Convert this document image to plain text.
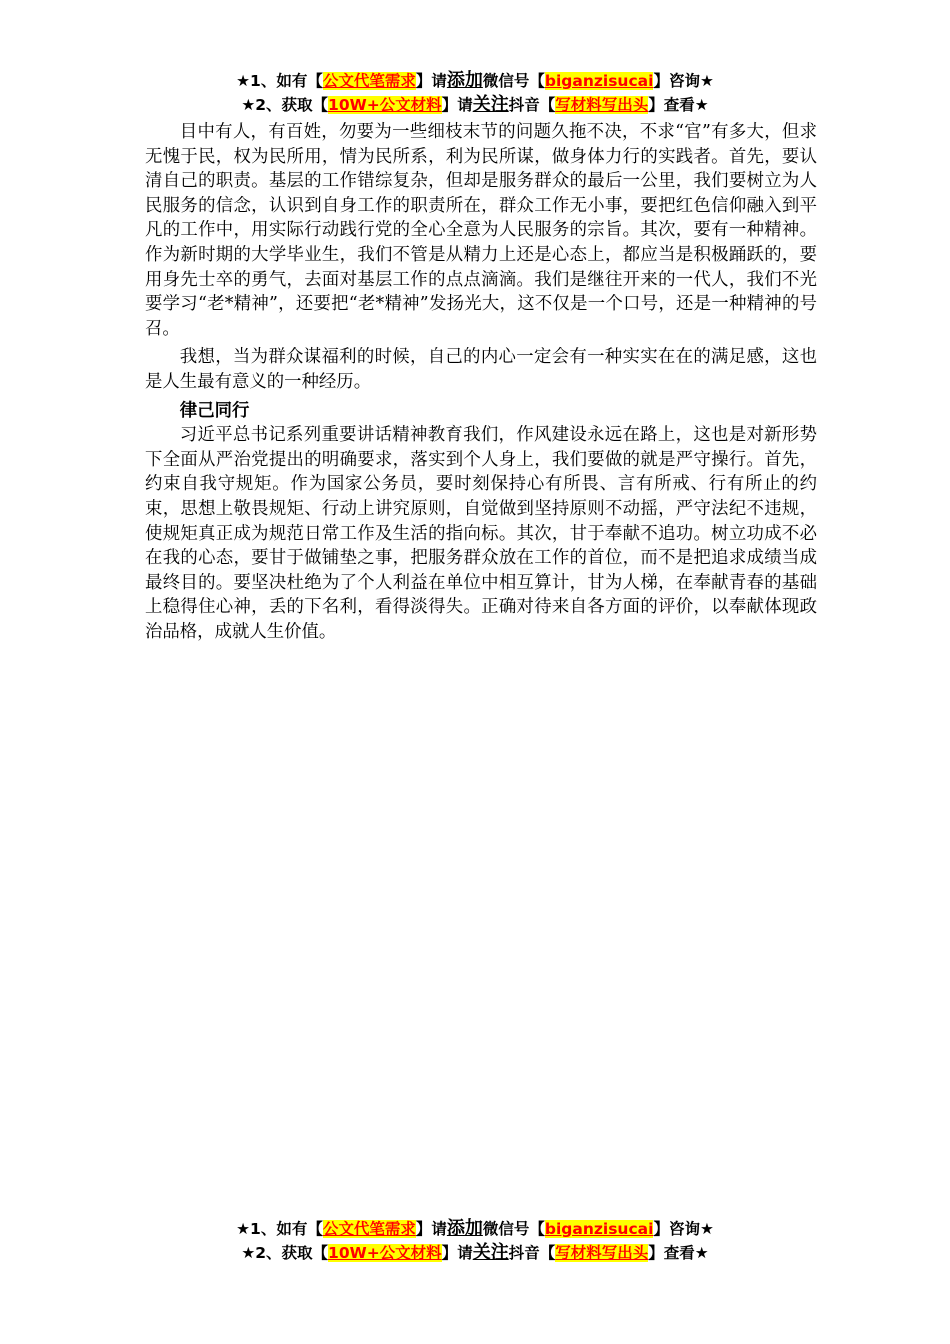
★1、如有【公文代笔需求】请添加微信号【biganzisucai】咨询★
★2、获取【10W+公文材料】请关注抖音【写材料写出头】查看★

目中有人，有百姓，勿要为一些细枝末节的问题久拖不决，不求“官”有多大，但求无愧于民，权为民所用，情为民所系，利为民所谋，做身体力行的实践者。首先，要认清自己的职责。基层的工作错综复杂，但却是服务群众的最后一公里，我们要树立为人民服务的信念，认识到自身工作的职责所在，群众工作无小事，要把红色信仰融入到平凡的工作中，用实际行动践行党的全心全意为人民服务的宗旨。其次，要有一种精神。作为新时期的大学毕业生，我们不管是从精力上还是心态上，都应当是积极踊跃的，要用身先士卒的勇气，去面对基层工作的点点滴滴。我们是继往开来的一代人，我们不光要学习“老*精神”，还要把“老*精神”发扬光大，这不仅是一个口号，还是一种精神的号召。

我想，当为群众谋福利的时候，自己的内心一定会有一种实实在在的满足感，这也是人生最有意义的一种经历。

律己同行

习近平总书记系列重要讲话精神教育我们，作风建设永远在路上，这也是对新形势下全面从严治党提出的明确要求，落实到个人身上，我们要做的就是严守操行。首先，约束自我守规矩。作为国家公务员，要时刻保持心有所畏、言有所戒、行有所止的约束，思想上敬畏规矩、行动上讲究原则，自觉做到坚持原则不动摇，严守法纪不违规，使规矩真正成为规范日常工作及生活的指向标。其次，甘于奉献不追功。树立功成不必在我的心态，要甘于做铺垫之事，把服务群众放在工作的首位，而不是把追求成绩当成最终目的。要坚决杜绝为了个人利益在单位中相互算计，甘为人梯，在奉献青春的基础上稳得住心神，丢的下名利，看得淡得失。正确对待来自各方面的评价，以奉献体现政治品格，成就人生价值。

★1、如有【公文代笔需求】请添加微信号【biganzisucai】咨询★
★2、获取【10W+公文材料】请关注抖音【写材料写出头】查看★
